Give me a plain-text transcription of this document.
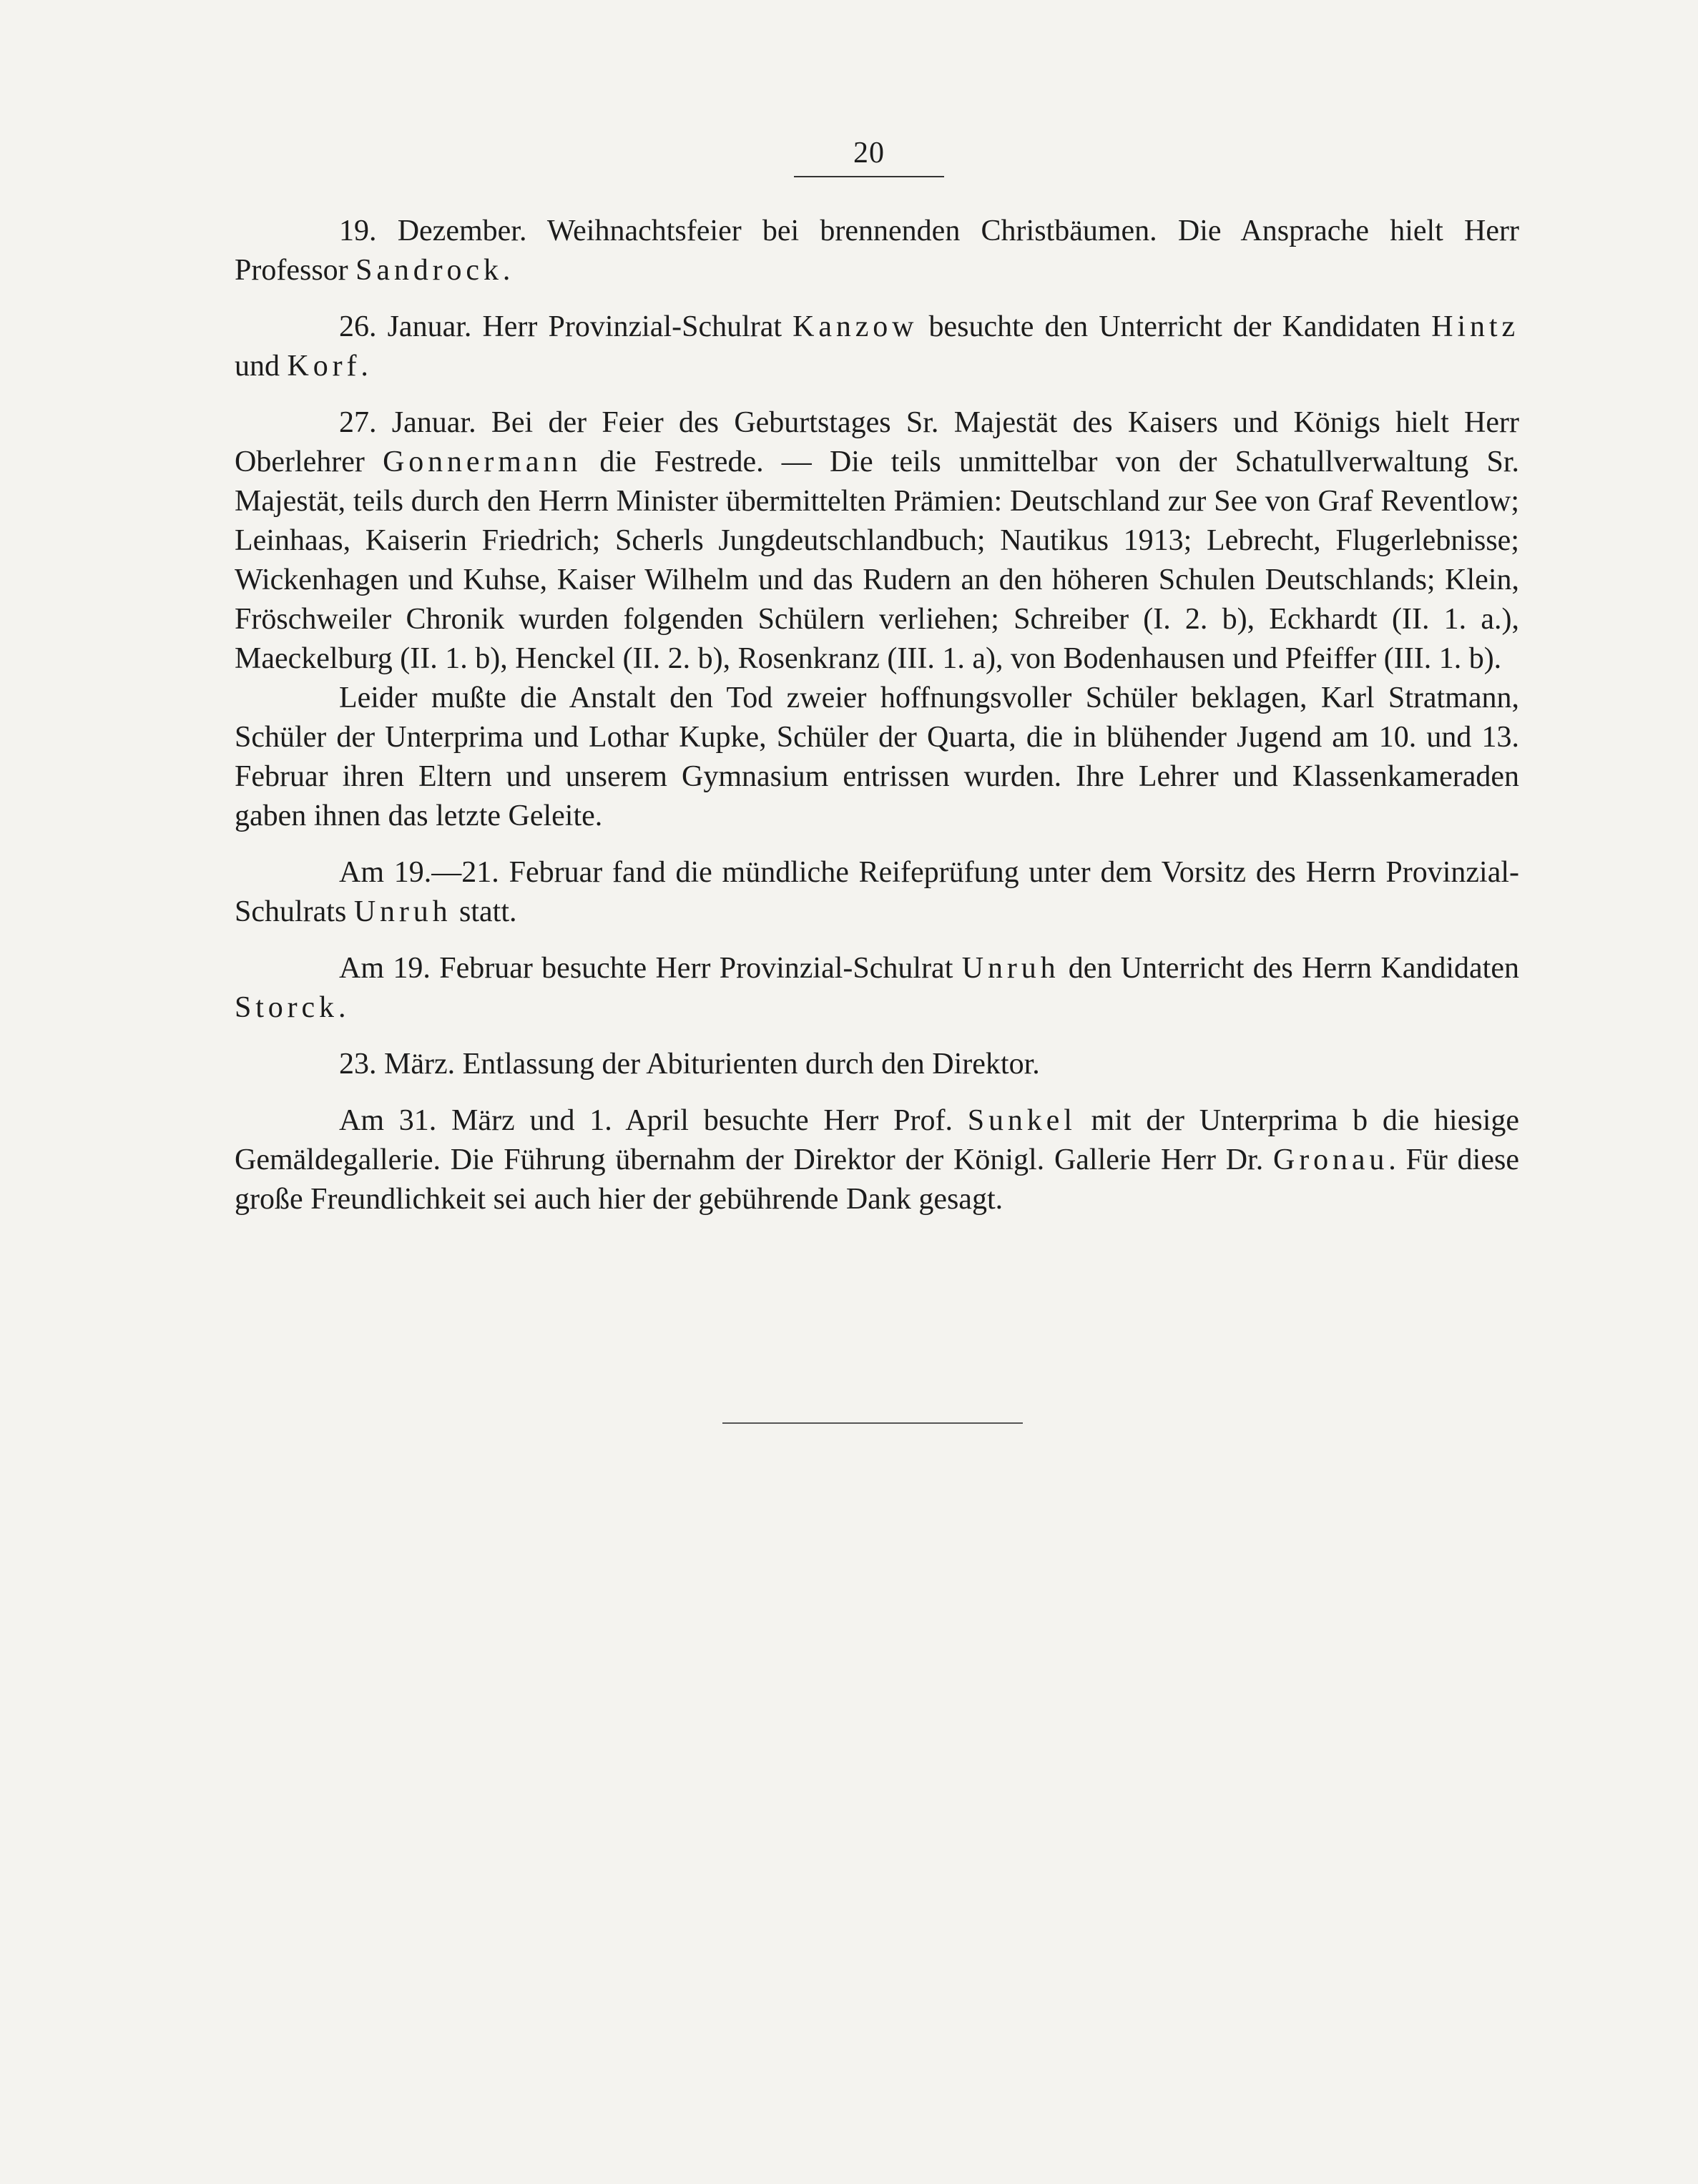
20

19. Dezember. Weihnachtsfeier bei brennenden Christbäumen. Die Ansprache hielt Herr Professor Sandrock.

26. Januar. Herr Provinzial-Schulrat Kanzow besuchte den Unterricht der Kandidaten Hintz und Korf.

27. Januar. Bei der Feier des Geburtstages Sr. Majestät des Kaisers und Königs hielt Herr Oberlehrer Gonnermann die Festrede. — Die teils unmittelbar von der Schatullverwaltung Sr. Majestät, teils durch den Herrn Minister übermittelten Prämien: Deutschland zur See von Graf Reventlow; Leinhaas, Kaiserin Friedrich; Scherls Jungdeutschlandbuch; Nautikus 1913; Lebrecht, Flugerlebnisse; Wickenhagen und Kuhse, Kaiser Wilhelm und das Rudern an den höheren Schulen Deutschlands; Klein, Fröschweiler Chronik wurden folgenden Schülern verliehen; Schreiber (I. 2. b), Eckhardt (II. 1. a.), Maeckelburg (II. 1. b), Henckel (II. 2. b), Rosenkranz (III. 1. a), von Bodenhausen und Pfeiffer (III. 1. b).

Leider mußte die Anstalt den Tod zweier hoffnungsvoller Schüler beklagen, Karl Stratmann, Schüler der Unterprima und Lothar Kupke, Schüler der Quarta, die in blühender Jugend am 10. und 13. Februar ihren Eltern und unserem Gymnasium entrissen wurden. Ihre Lehrer und Klassenkameraden gaben ihnen das letzte Geleite.

Am 19.—21. Februar fand die mündliche Reifeprüfung unter dem Vorsitz des Herrn Provinzial-Schulrats Unruh statt.

Am 19. Februar besuchte Herr Provinzial-Schulrat Unruh den Unterricht des Herrn Kandidaten Storck.

23. März. Entlassung der Abiturienten durch den Direktor.

Am 31. März und 1. April besuchte Herr Prof. Sunkel mit der Unterprima b die hiesige Gemäldegallerie. Die Führung übernahm der Direktor der Königl. Gallerie Herr Dr. Gronau. Für diese große Freundlichkeit sei auch hier der gebührende Dank gesagt.
